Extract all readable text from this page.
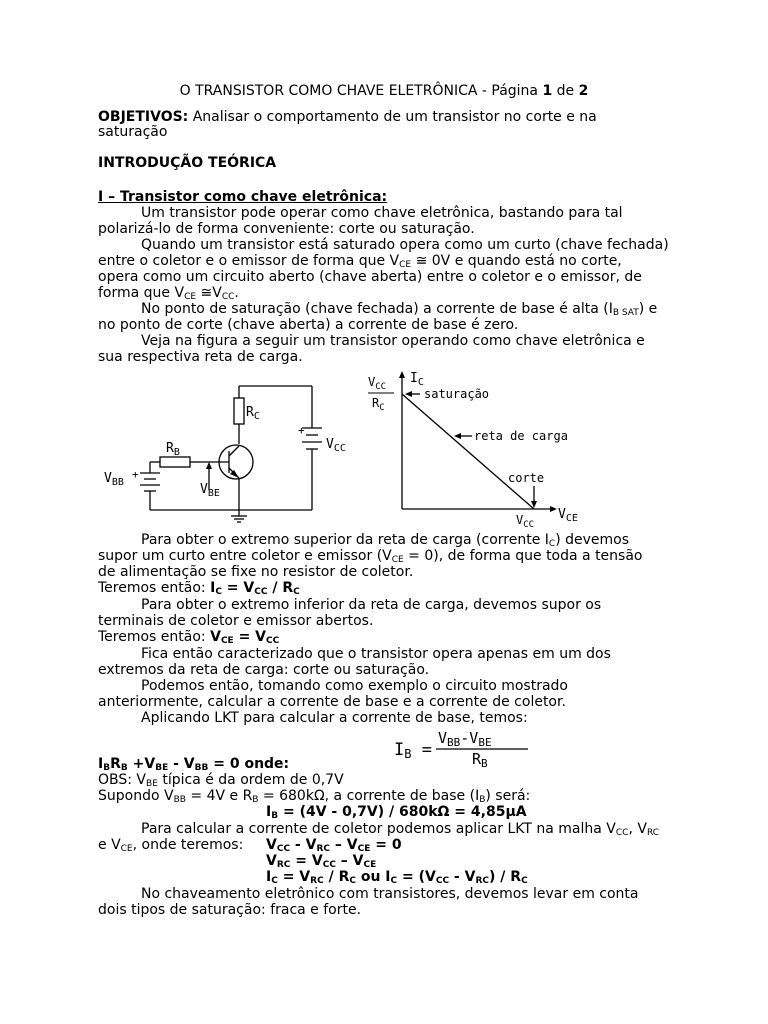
O TRANSISTOR COMO CHAVE ELETRÔNICA - Página 1 de 2
OBJETIVOS: Analisar o comportamento de um transistor no corte e na
saturação
INTRODUÇÃO TEÓRICA
I – Transistor como chave eletrônica:
Um transistor pode operar como chave eletrônica, bastando para tal
polarizá-lo de forma conveniente: corte ou saturação.
Quando um transistor está saturado opera como um curto (chave fechada)
entre o coletor e o emissor de forma que $V_{CE}$ ≅ 0V e quando está no corte,
opera como um circuito aberto (chave aberta) entre o coletor e o emissor, de
forma que $V_{CE}$ $≅V_{CC}$.
No ponto de saturação (chave fechada) a corrente de base é alta $(I_{B SAT})$ e
no ponto de corte (chave aberta) a corrente de base é zero.
Veja na figura a seguir um transistor operando como chave eletrônica e
sua respectiva reta de carga.
$R_C$
$R_B$
$V_{CC}$
$V_{BB}$	$V_{BE}$
+
+
$I_C$
$V_{CC}$
$R_C$
saturação
reta de carga
corte
$V_{CC}$
$V_{CE}$
Para obter o extremo superior da reta de carga (corrente $I_C$) devemos
supor um curto entre coletor e emissor $(V_{CE} = 0)$, de forma que toda a tensão
de alimentação se fixe no resistor de coletor.
Teremos então: $I_C = V_{CC} / R_C$
Para obter o extremo inferior da reta de carga, devemos supor os
terminais de coletor e emissor abertos.
Teremos então: $V_{CE} = V_{CC}$
Fica então caracterizado que o transistor opera apenas em um dos
extremos da reta de carga: corte ou saturação.
Podemos então, tomando como exemplo o circuito mostrado
anteriormente, calcular a corrente de base e a corrente de coletor.
Aplicando LKT para calcular a corrente de base, temos:
IB =
$V_{BB}-V_{BE}$
$R_B$
$I_BR_B +V_{BE} - V_{BB} = 0$ onde:
OBS: $V_{BE}$ típica é da ordem de 0,7V
Supondo $V_{BB} = 4V$ e $R_B = 680k\Omega$, a corrente de base $(I_B)$ será:
$I_B = (4V - 0,7V) / 680k\Omega = 4,85\mu A$
Para calcular a corrente de coletor podemos aplicar LKT na malha $V_{CC}$, $V_{RC}$
e $V_{CE}$, onde teremos: $V_{CC} - V_{RC} - V_{CE} = 0$
$V_{RC} = V_{CC} - V_{CE}$
$I_C = V_{RC} / R_C$ ou $I_C = (V_{CC} - V_{RC}) / R_C$
No chaveamento eletrônico com transistores, devemos levar em conta
dois tipos de saturação: fraca e forte.
